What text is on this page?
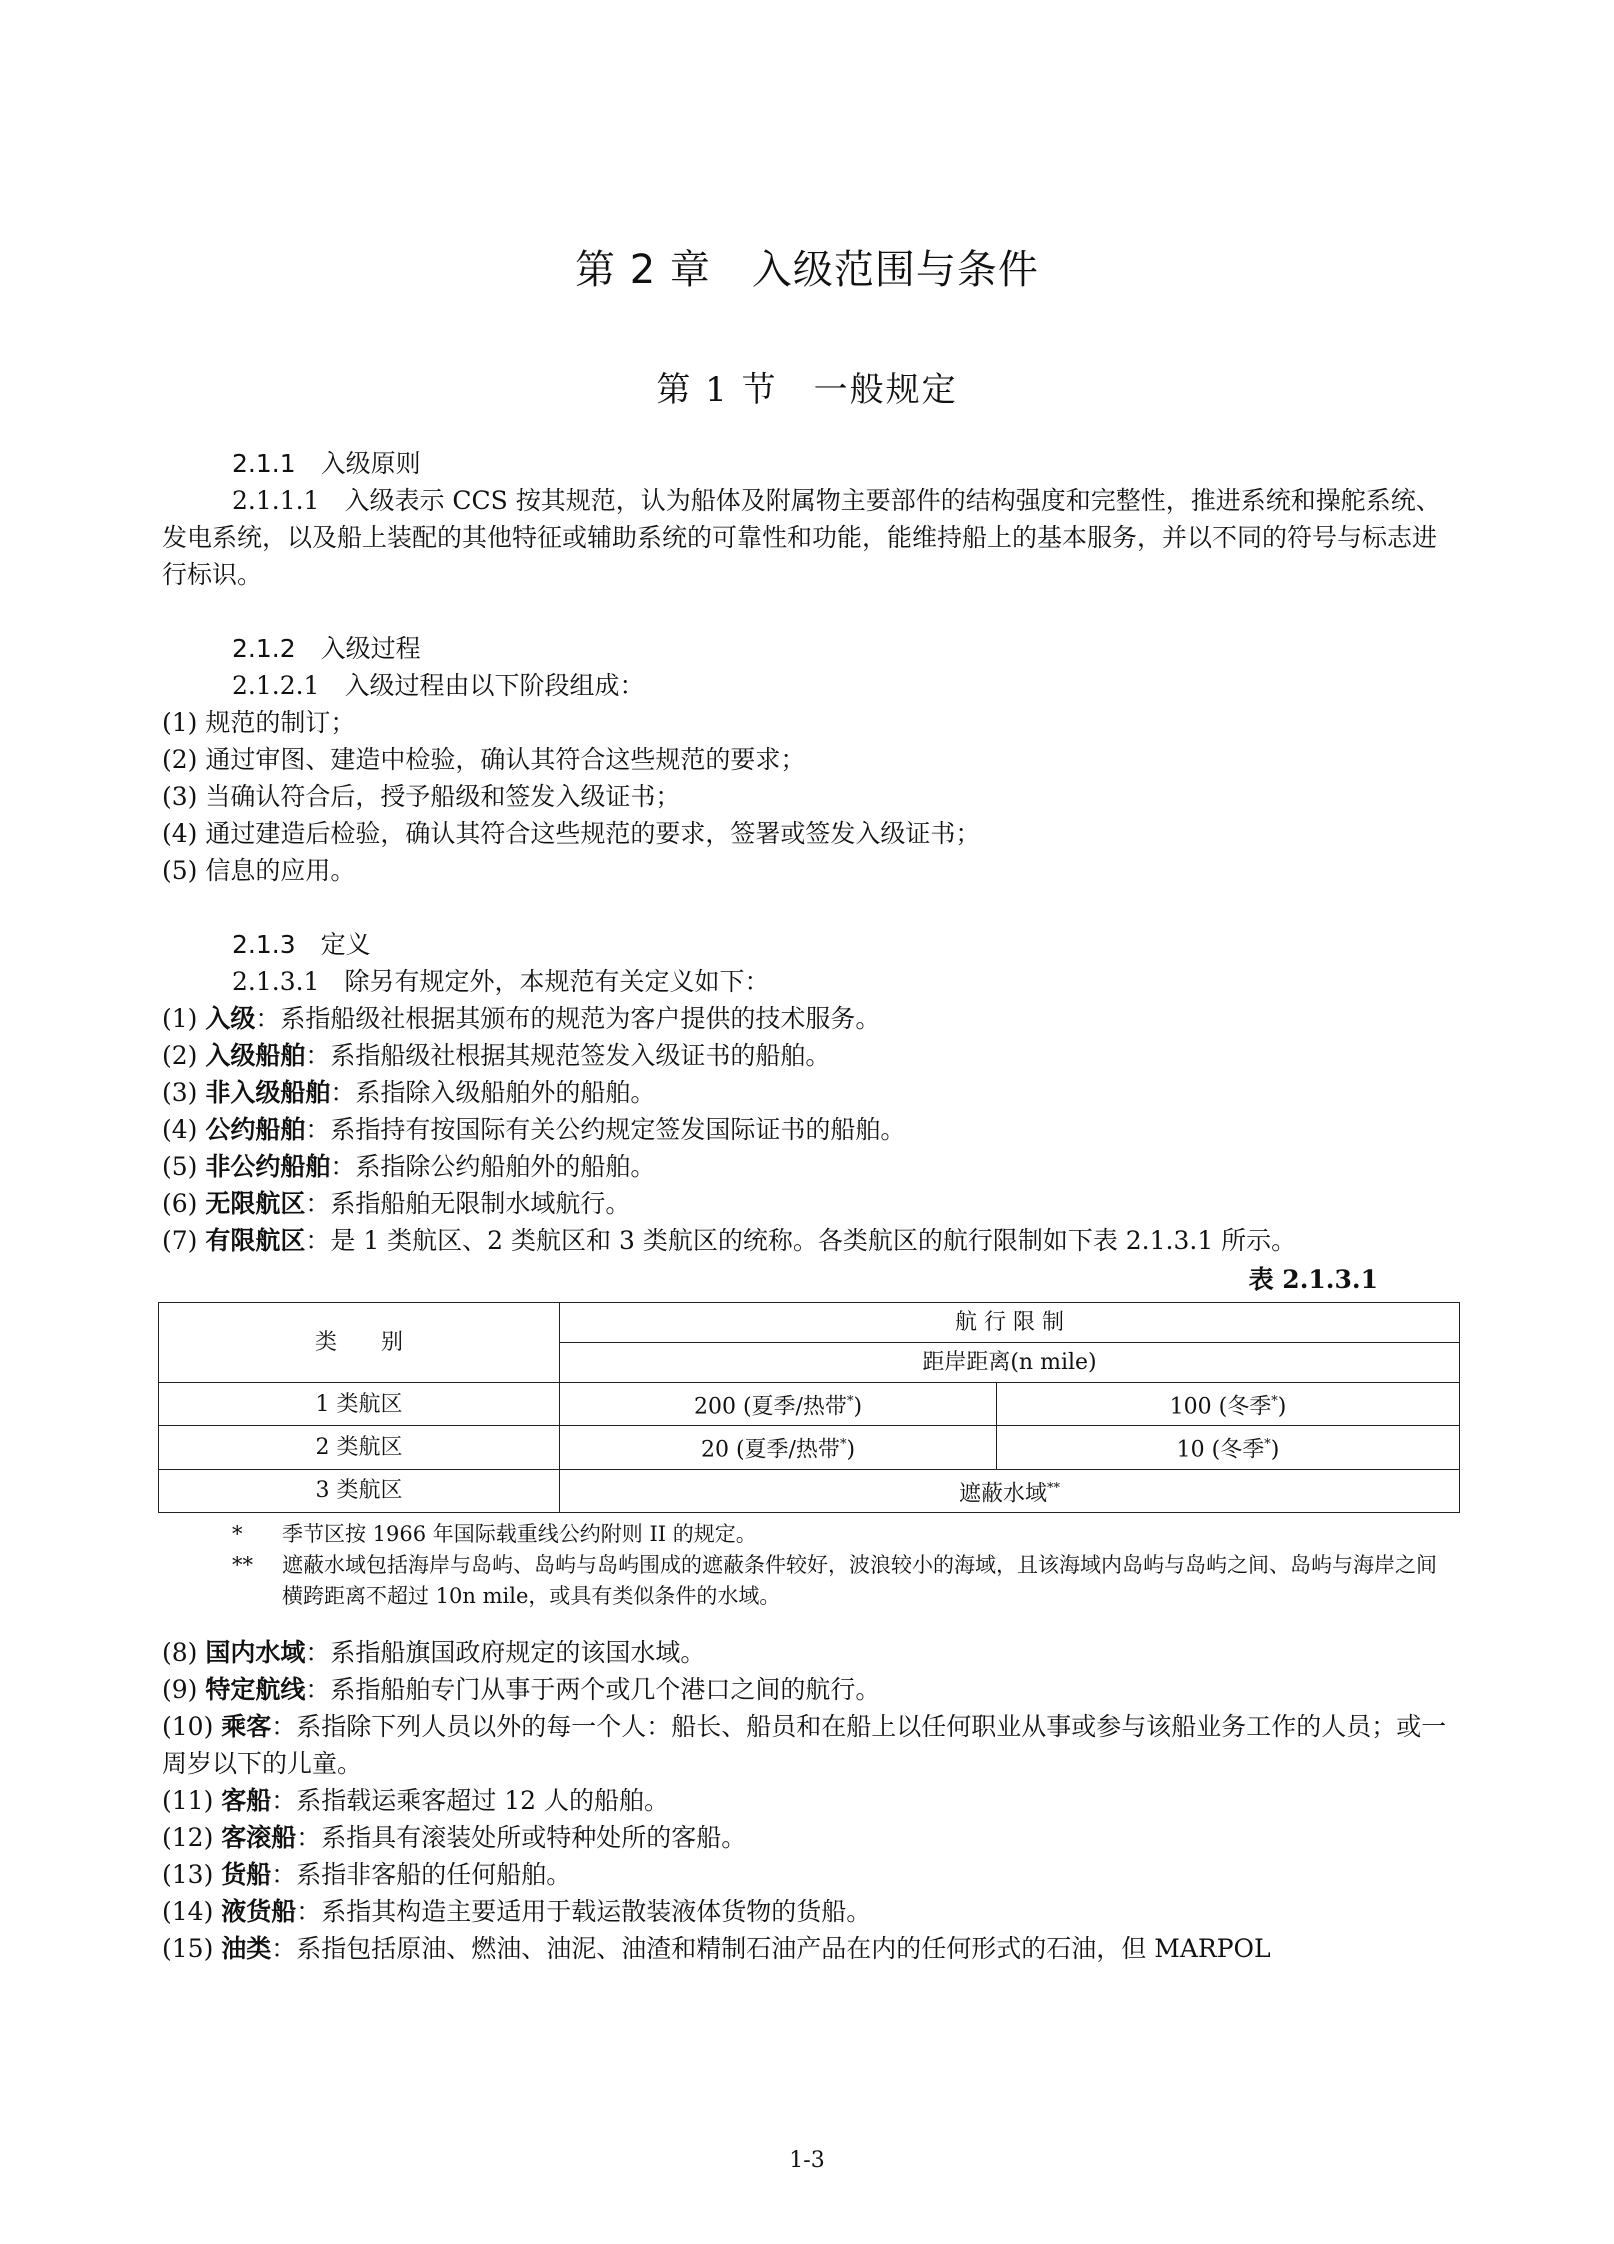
第 2 章　入级范围与条件
第 1 节　一般规定

2.1.1　入级原则

2.1.1.1　入级表示 CCS 按其规范，认为船体及附属物主要部件的结构强度和完整性，推进系统和操舵系统、发电系统，以及船上装配的其他特征或辅助系统的可靠性和功能，能维持船上的基本服务，并以不同的符号与标志进行标识。

2.1.2　入级过程

2.1.2.1　入级过程由以下阶段组成：

(1) 规范的制订；

(2) 通过审图、建造中检验，确认其符合这些规范的要求；

(3) 当确认符合后，授予船级和签发入级证书；

(4) 通过建造后检验，确认其符合这些规范的要求，签署或签发入级证书；

(5) 信息的应用。

2.1.3　定义

2.1.3.1　除另有规定外，本规范有关定义如下：

(1) 入级：系指船级社根据其颁布的规范为客户提供的技术服务。

(2) 入级船舶：系指船级社根据其规范签发入级证书的船舶。

(3) 非入级船舶：系指除入级船舶外的船舶。

(4) 公约船舶：系指持有按国际有关公约规定签发国际证书的船舶。

(5) 非公约船舶：系指除公约船舶外的船舶。

(6) 无限航区：系指船舶无限制水域航行。

(7) 有限航区：是 1 类航区、2 类航区和 3 类航区的统称。各类航区的航行限制如下表 2.1.3.1 所示。

表 2.1.3.1
类　　别	航 行 限 制	
	距岸距离(n mile)	
1 类航区	200 (夏季/热带*)	100 (冬季*)
2 类航区	20 (夏季/热带*)	10 (冬季*)
3 类航区	遮蔽水域**
*	季节区按 1966 年国际载重线公约附则 II 的规定。
**	遮蔽水域包括海岸与岛屿、岛屿与岛屿围成的遮蔽条件较好，波浪较小的海域，且该海域内岛屿与岛屿之间、岛屿与海岸之间横跨距离不超过 10n mile，或具有类似条件的水域。

(8) 国内水域：系指船旗国政府规定的该国水域。

(9) 特定航线：系指船舶专门从事于两个或几个港口之间的航行。

(10) 乘客：系指除下列人员以外的每一个人：船长、船员和在船上以任何职业从事或参与该船业务工作的人员；或一周岁以下的儿童。

(11) 客船：系指载运乘客超过 12 人的船舶。

(12) 客滚船：系指具有滚装处所或特种处所的客船。

(13) 货船：系指非客船的任何船舶。

(14) 液货船：系指其构造主要适用于载运散装液体货物的货船。

(15) 油类：系指包括原油、燃油、油泥、油渣和精制石油产品在内的任何形式的石油，但 MARPOL

1-3
